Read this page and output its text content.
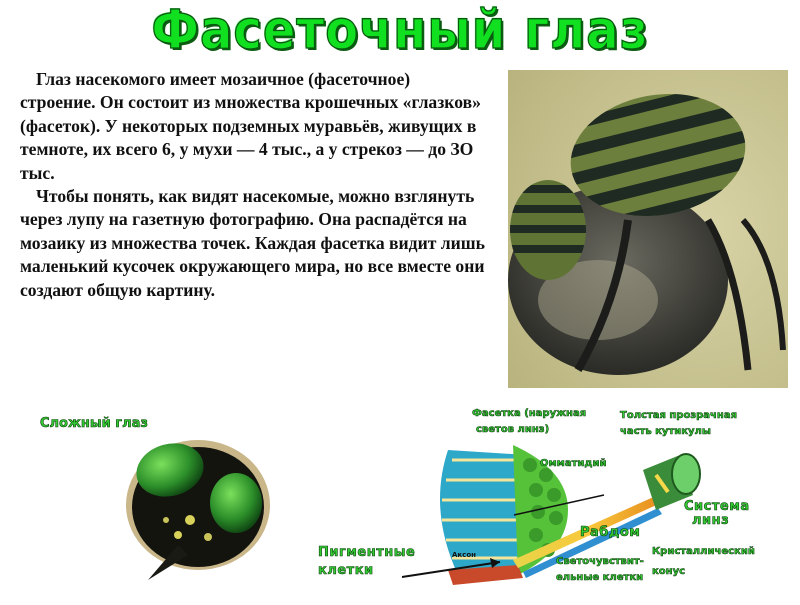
Фасеточный глаз

Глаз насекомого имеет мозаичное (фасеточное) строение. Он состоит из множества крошечных «глазков» (фасеток). У некоторых подземных муравьёв, живущих в темноте, их всего 6, у мухи — 4 тыс., а у стрекоз — до ЗО тыс.

Чтобы понять, как видят насекомые, можно взглянуть через лупу на газетную фотографию. Она распадётся на мозаику из множества точек. Каждая фасетка видит лишь маленький кусочек окружающего мира, но все вместе они создают общую картину.

Сложный глаз
Фасетка (наружная
светов линз)
Толстая прозрачная
часть кутикулы
Омматидий
Система
линз
Рабдом
Пигментные
клетки
Светочувствит-
ельные клетки
Кристаллический
конус
Аксон
